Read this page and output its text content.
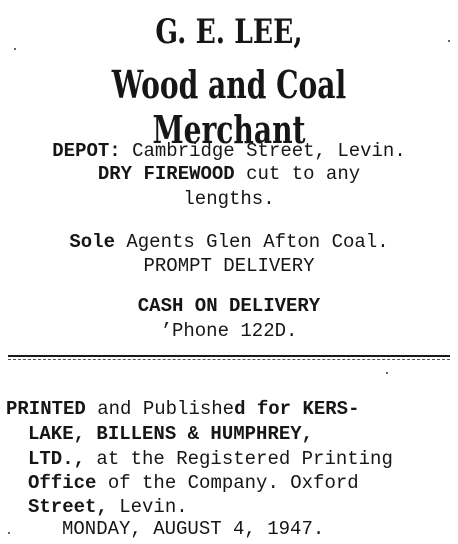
G. E. LEE,
Wood and Coal Merchant
DEPOT: Cambridge Street, Levin.
DRY FIREWOOD cut to any
lengths.
Sole Agents Glen Afton Coal.
PROMPT DELIVERY
CASH ON DELIVERY
’Phone 122D.
PRINTED and Published for KERS-
LAKE, BILLENS & HUMPHREY,
LTD., at the Registered Printing
Office of the Company. Oxford
Street, Levin.
MONDAY, AUGUST 4, 1947.
